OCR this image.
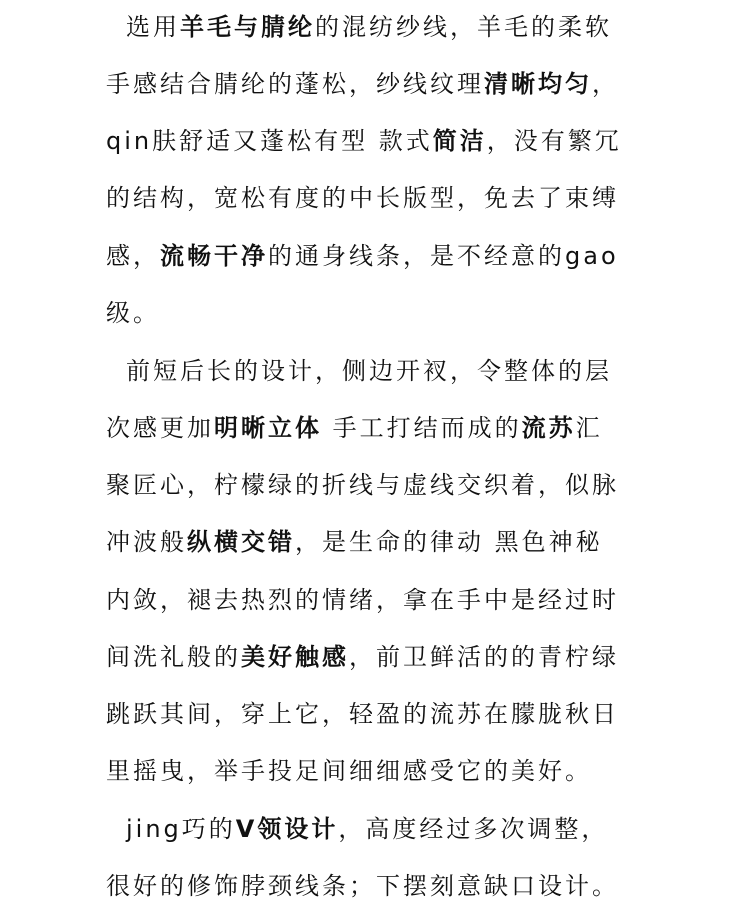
选用羊毛与腈纶的混纺纱线，羊毛的柔软
手感结合腈纶的蓬松，纱线纹理清晰均匀，
qin肤舒适又蓬松有型 款式简洁，没有繁冗
的结构，宽松有度的中长版型，免去了束缚
感，流畅干净的通身线条，是不经意的gao
级。
前短后长的设计，侧边开衩，令整体的层
次感更加明晰立体 手工打结而成的流苏汇
聚匠心，柠檬绿的折线与虚线交织着，似脉
冲波般纵横交错，是生命的律动 黑色神秘
内敛，褪去热烈的情绪，拿在手中是经过时
间洗礼般的美好触感，前卫鲜活的的青柠绿
跳跃其间，穿上它，轻盈的流苏在朦胧秋日
里摇曳，举手投足间细细感受它的美好。
jing巧的V领设计，高度经过多次调整，
很好的修饰脖颈线条；下摆刻意缺口设计。
